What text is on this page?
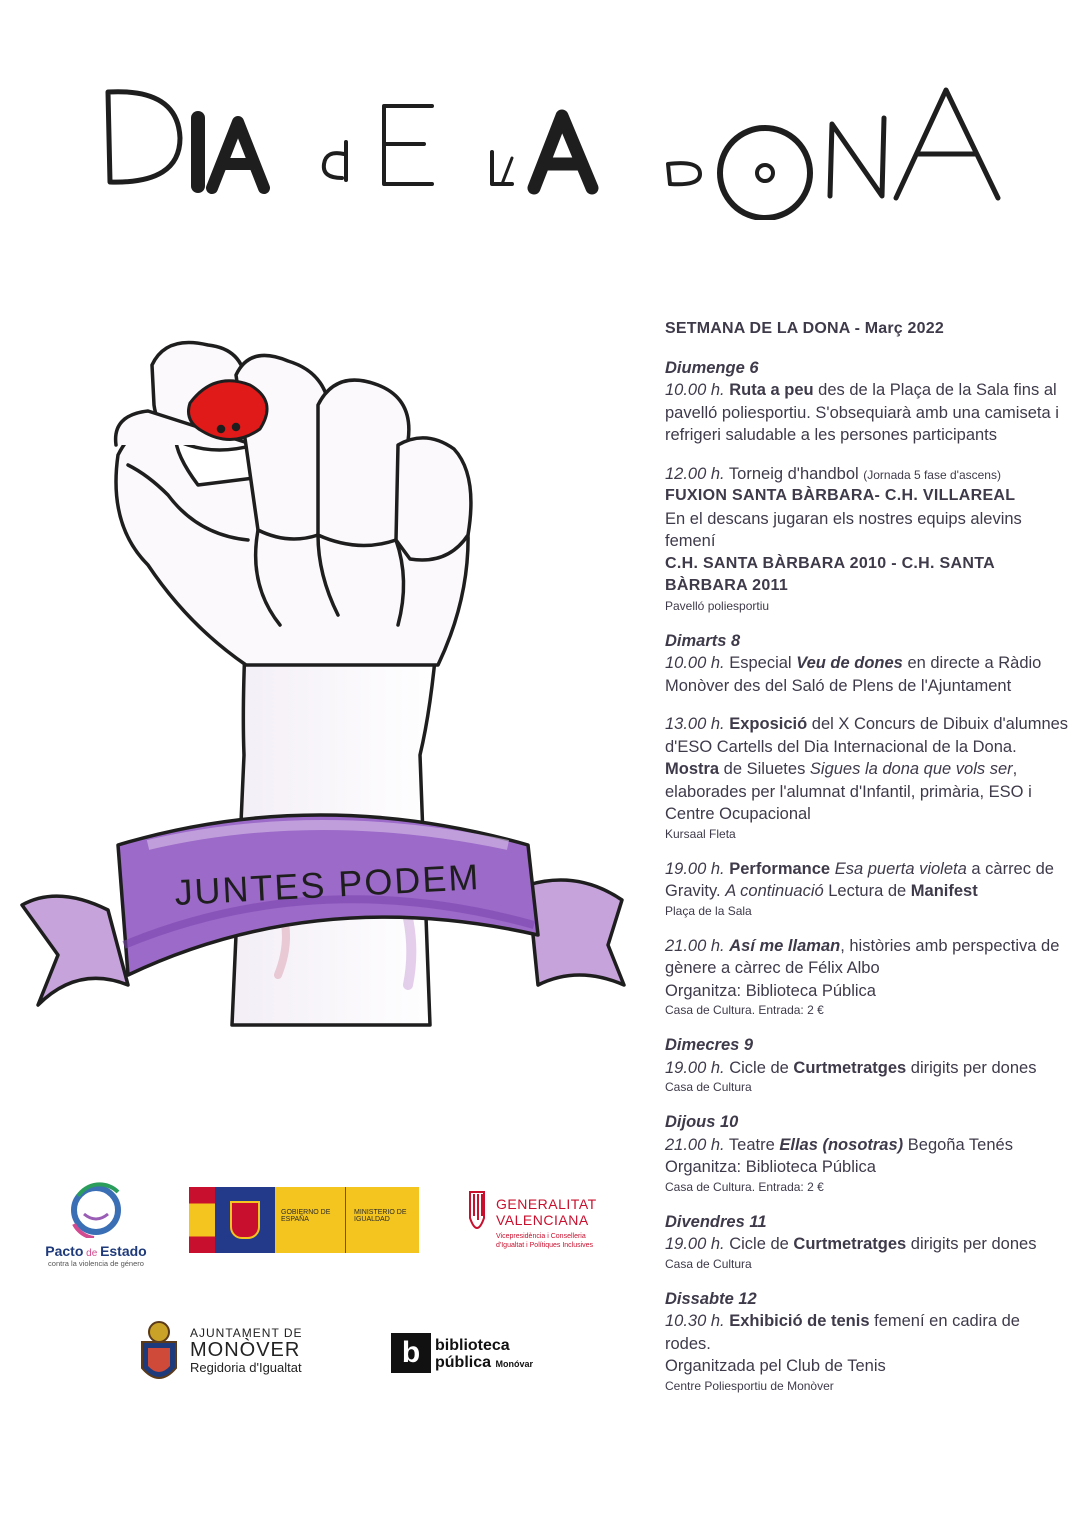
JUNTES PODEM
SETMANA DE LA DONA - Març 2022
Diumenge 6
10.00 h. Ruta a peu des de la Plaça de la Sala fins al pavelló poliesportiu. S'obsequiarà amb una camiseta i refrigeri saludable a les persones participants
12.00 h. Torneig d'handbol (Jornada 5 fase d'ascens)
FUXION SANTA BÀRBARA- C.H. VILLAREAL
En el descans jugaran els nostres equips alevins femení
C.H. SANTA BÀRBARA 2010 - C.H. SANTA BÀRBARA 2011
Pavelló poliesportiu
Dimarts 8
10.00 h. Especial Veu de dones en directe a Ràdio Monòver des del Saló de Plens de l'Ajuntament
13.00 h. Exposició del X Concurs de Dibuix d'alumnes d'ESO Cartells del Dia Internacional de la Dona.
Mostra de Siluetes Sigues la dona que vols ser, elaborades per l'alumnat d'Infantil, primària, ESO i Centre Ocupacional
Kursaal Fleta
19.00 h. Performance Esa puerta violeta a càrrec de Gravity. A continuació Lectura de Manifest
Plaça de la Sala
21.00 h. Así me llaman, històries amb perspectiva de gènere a càrrec de Félix Albo
Organitza: Biblioteca Pública
Casa de Cultura. Entrada: 2 €
Dimecres 9
19.00 h. Cicle de Curtmetratges dirigits per dones
Casa de Cultura
Dijous 10
21.00 h. Teatre Ellas (nosotras) Begoña Tenés
Organitza: Biblioteca Pública
Casa de Cultura. Entrada: 2 €
Divendres 11
19.00 h. Cicle de Curtmetratges dirigits per dones
Casa de Cultura
Dissabte 12
10.30 h. Exhibició de tenis femení en cadira de rodes.
Organitzada pel Club de Tenis
Centre Poliesportiu de Monòver
Pacto de Estado
contra la violencia de género
GOBIERNO DE ESPAÑA
MINISTERIO DE IGUALDAD
GENERALITAT
VALENCIANA
Vicepresidència i Conselleria
d'Igualtat i Polítiques Inclusives
AJUNTAMENT DE
MONÒVER
Regidoria d'Igualtat	b biblioteca
pública Monóvar
